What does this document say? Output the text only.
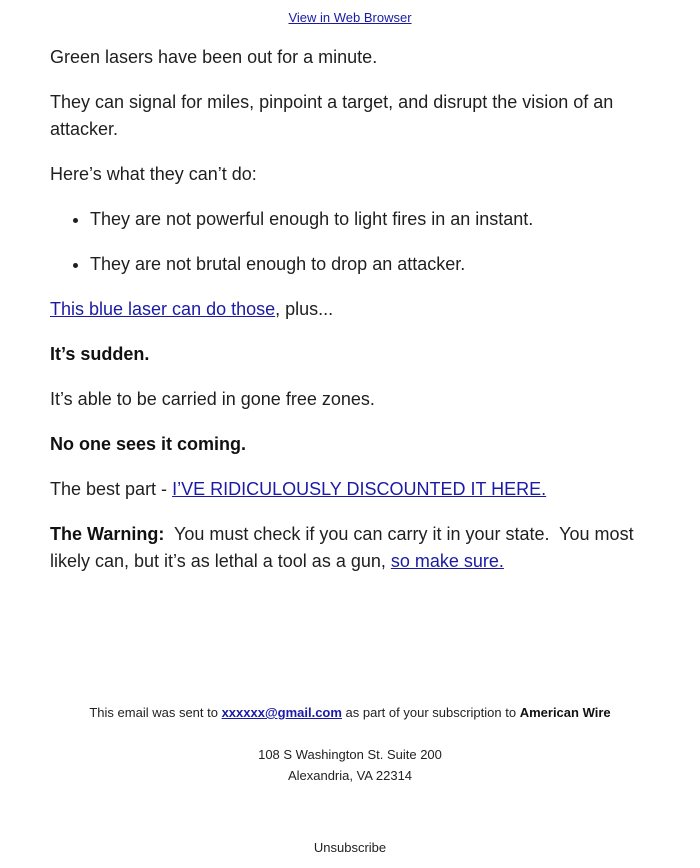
View in Web Browser

Green lasers have been out for a minute.

They can signal for miles, pinpoint a target, and disrupt the vision of an attacker.

Here’s what they can’t do:

• They are not powerful enough to light fires in an instant.
• They are not brutal enough to drop an attacker.

This blue laser can do those, plus...

It’s sudden.

It’s able to be carried in gone free zones.

No one sees it coming.

The best part - I’VE RIDICULOUSLY DISCOUNTED IT HERE.

The Warning:  You must check if you can carry it in your state.  You most likely can, but it’s as lethal a tool as a gun, so make sure.

This email was sent to xxxxxx@gmail.com as part of your subscription to American Wire
108 S Washington St. Suite 200
Alexandria, VA 22314
Unsubscribe
